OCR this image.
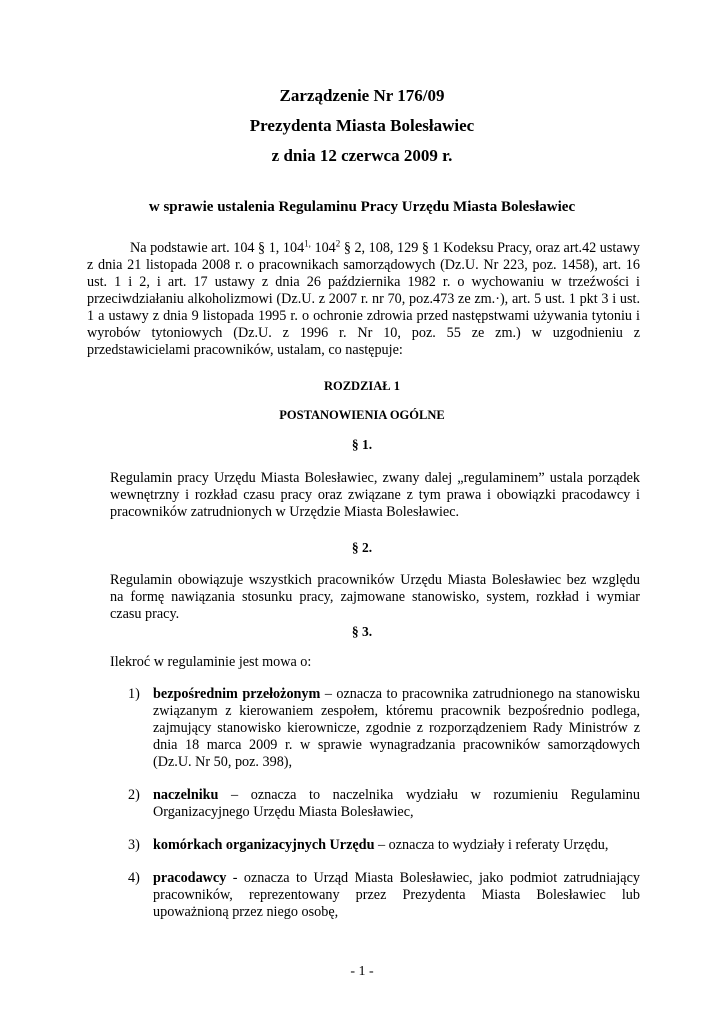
Zarządzenie Nr 176/09
Prezydenta Miasta Bolesławiec
z dnia 12 czerwca 2009 r.
w sprawie ustalenia Regulaminu Pracy Urzędu Miasta Bolesławiec
Na podstawie art. 104 § 1, $104^{1,}$ $104^2$ § 2, 108, 129 § 1 Kodeksu Pracy, oraz art.42 ustawy z dnia 21 listopada 2008 r. o pracownikach samorządowych (Dz.U. Nr 223, poz. 1458), art. 16 ust. 1 i 2, i art. 17 ustawy z dnia 26 października 1982 r. o wychowaniu w trzeźwości i przeciwdziałaniu alkoholizmowi (Dz.U. z 2007 r. nr 70, poz.473 ze zm.·), art. 5 ust. 1 pkt 3 i ust. 1 a ustawy z dnia 9 listopada 1995 r. o ochronie zdrowia przed następstwami używania tytoniu i wyrobów tytoniowych (Dz.U. z 1996 r. Nr 10, poz. 55 ze zm.) w uzgodnieniu z przedstawicielami pracowników, ustalam, co następuje:
ROZDZIAŁ 1
POSTANOWIENIA OGÓLNE
§ 1.
Regulamin pracy Urzędu Miasta Bolesławiec, zwany dalej „regulaminem” ustala porządek wewnętrzny i rozkład czasu pracy oraz związane z tym prawa i obowiązki pracodawcy i pracowników zatrudnionych w Urzędzie Miasta Bolesławiec.
§ 2.
Regulamin obowiązuje wszystkich pracowników Urzędu Miasta Bolesławiec bez względu na formę nawiązania stosunku pracy, zajmowane stanowisko, system, rozkład i wymiar czasu pracy.
§ 3.
Ilekroć w regulaminie jest mowa o:
1) bezpośrednim przełożonym – oznacza to pracownika zatrudnionego na stanowisku związanym z kierowaniem zespołem, któremu pracownik bezpośrednio podlega, zajmujący stanowisko kierownicze, zgodnie z rozporządzeniem Rady Ministrów z dnia 18 marca 2009 r. w sprawie wynagradzania pracowników samorządowych (Dz.U. Nr 50, poz. 398),
2) naczelniku – oznacza to naczelnika wydziału w rozumieniu Regulaminu Organizacyjnego Urzędu Miasta Bolesławiec,
3) komórkach organizacyjnych Urzędu – oznacza to wydziały i referaty Urzędu,
4) pracodawcy - oznacza to Urząd Miasta Bolesławiec, jako podmiot zatrudniający pracowników, reprezentowany przez Prezydenta Miasta Bolesławiec lub upoważnioną przez niego osobę,
- 1 -
